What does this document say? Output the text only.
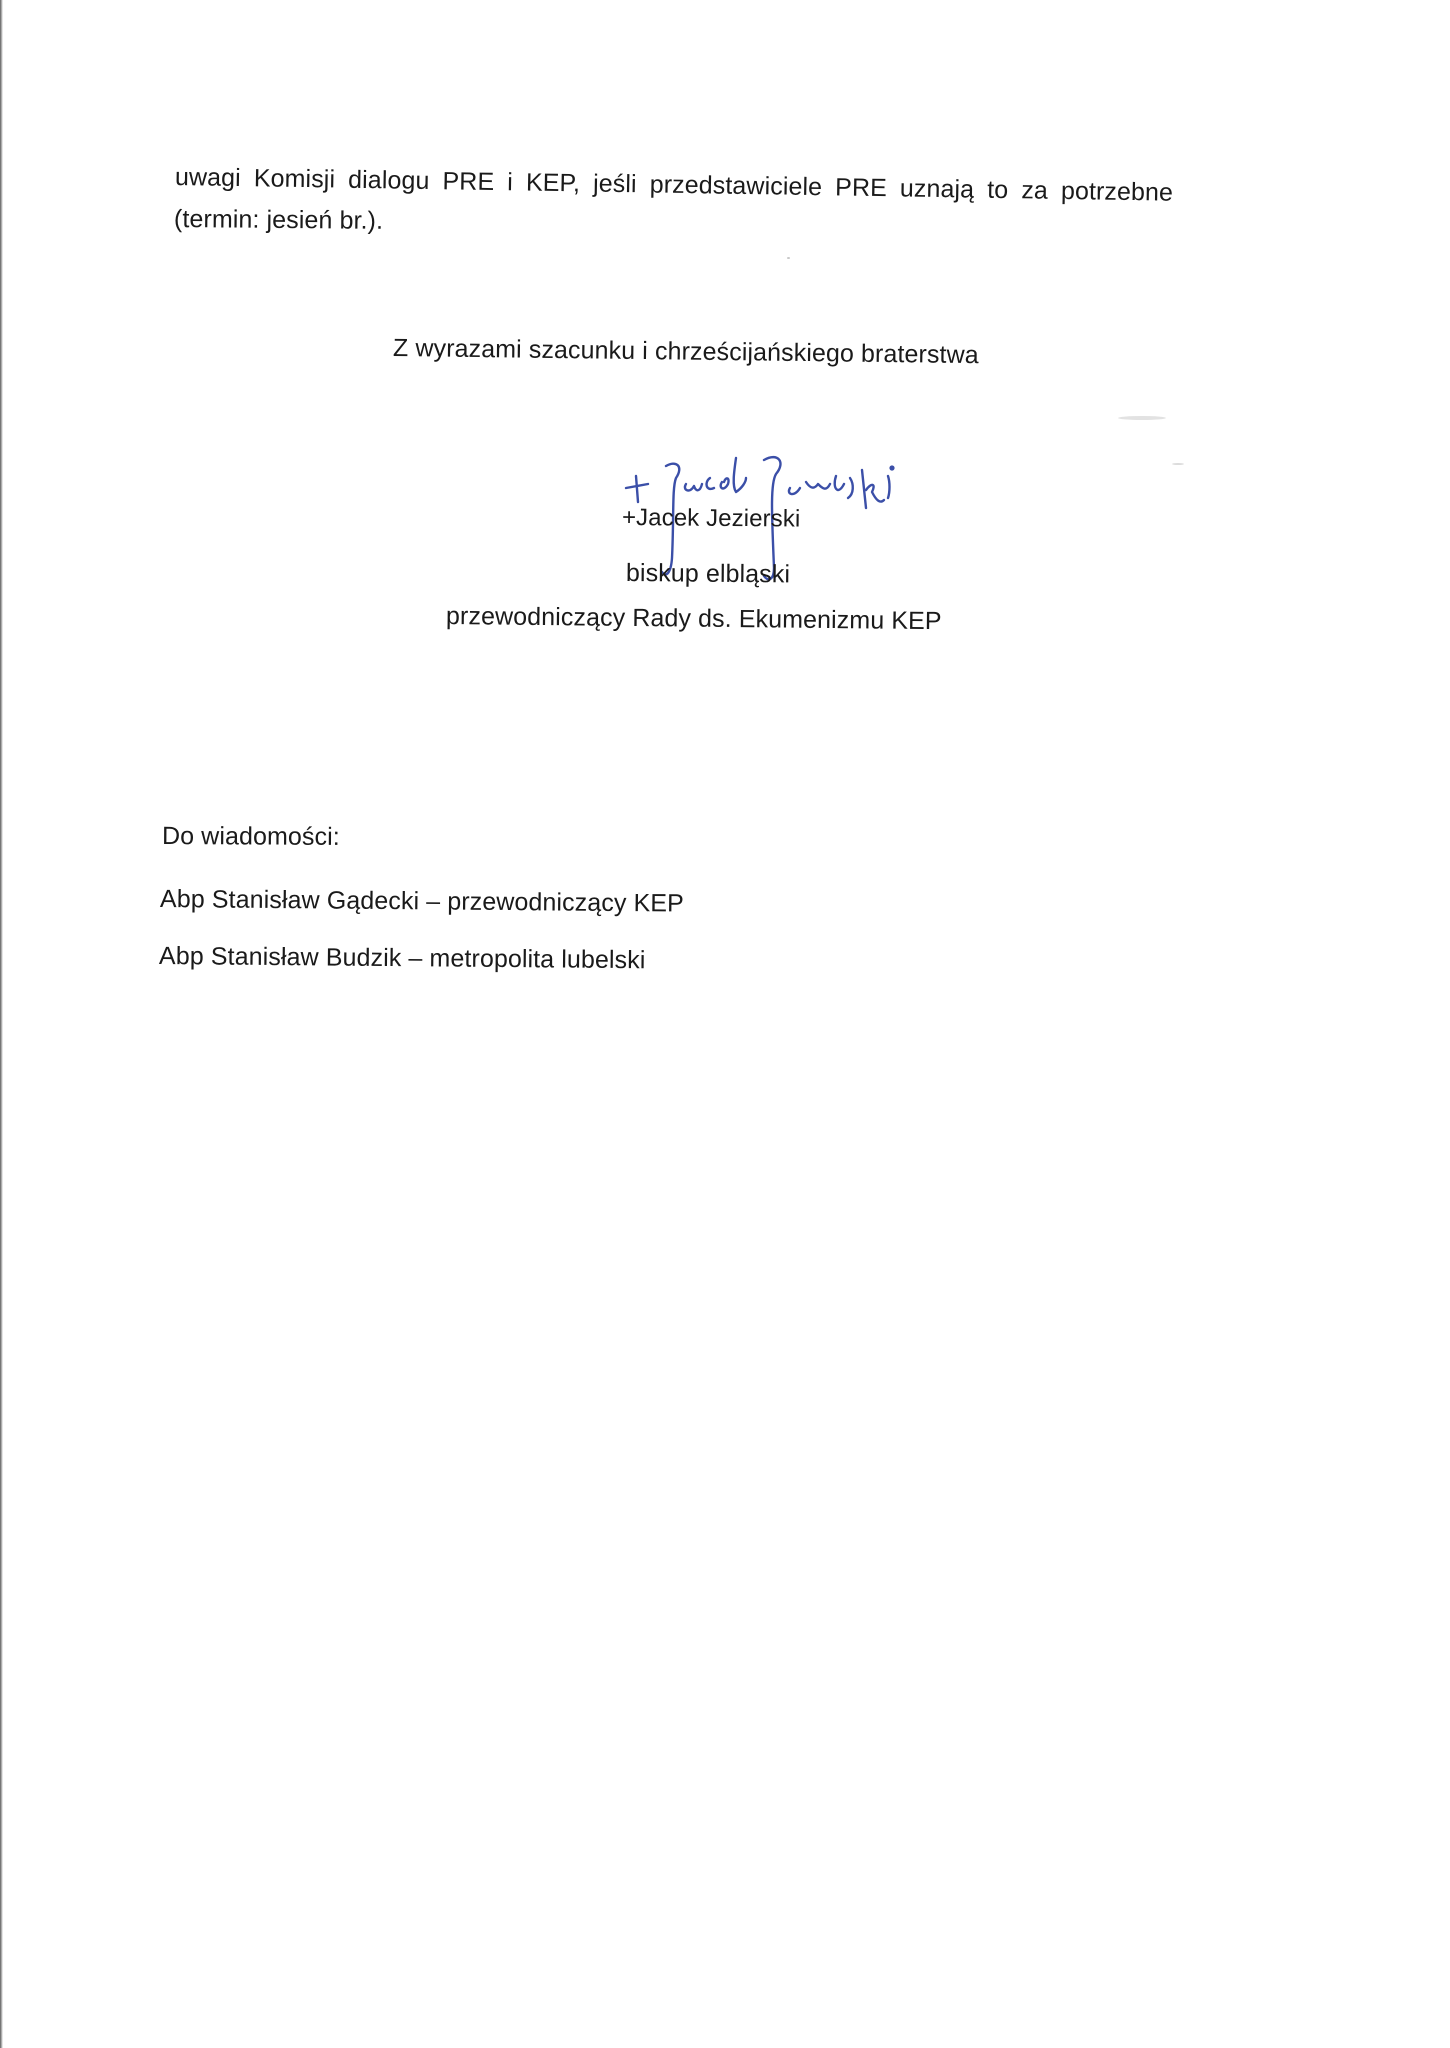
uwagi Komisji dialogu PRE i KEP, jeśli przedstawiciele PRE uznają to za potrzebne
(termin: jesień br.).
Z wyrazami szacunku i chrześcijańskiego braterstwa
+Jacek Jezierski
biskup elbląski
przewodniczący Rady ds. Ekumenizmu KEP
Do wiadomości:
Abp Stanisław Gądecki – przewodniczący KEP
Abp Stanisław Budzik – metropolita lubelski
